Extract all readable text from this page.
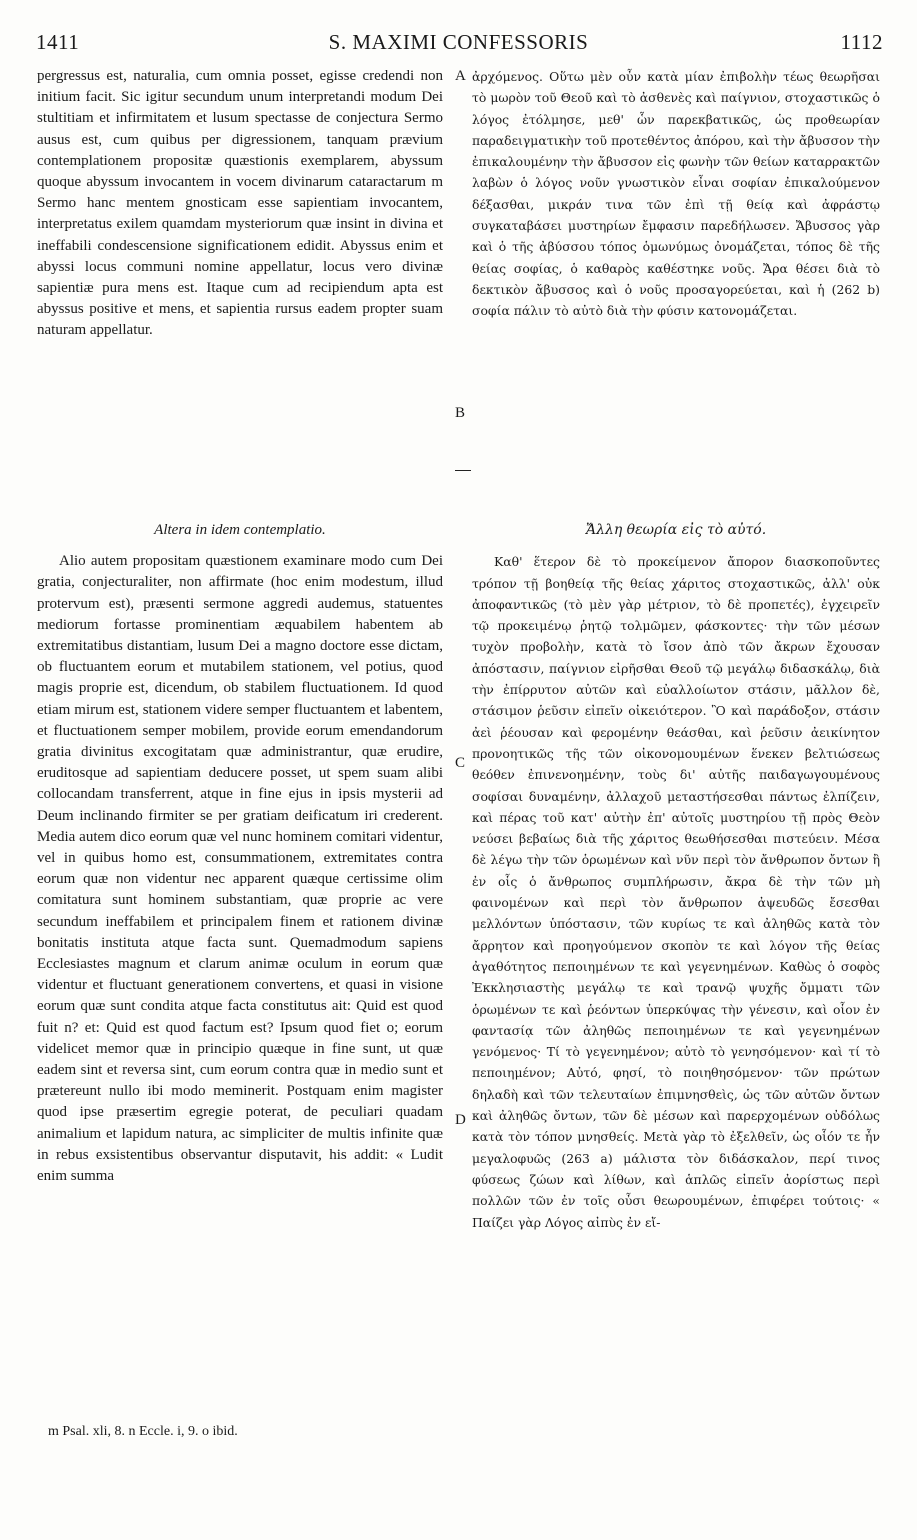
1411	S. MAXIMI CONFESSORIS	1112

pergressus est, naturalia, cum omnia posset, egisse credendi non initium facit. Sic igitur secundum unum interpretandi modum Dei stultitiam et infirmitatem et lusum spectasse de conjectura Sermo ausus est, cum quibus per digressionem, tanquam prævium contemplationem propositæ quæstionis exemplarem, abyssum quoque abyssum invocantem in vocem divinarum cataractarum m Sermo hanc mentem gnosticam esse sapientiam invocantem, interpretatus exilem quamdam mysteriorum quæ insint in divina et ineffabili condescensione significationem edidit. Abyssus enim et abyssi locus communi nomine appellatur, locus vero divinæ sapientiæ pura mens est. Itaque cum ad recipiendum apta est abyssus positive et mens, et sapientia rursus eadem propter suam naturam appellatur.

ἀρχόμενος. Οὕτω μὲν οὖν κατὰ μίαν ἐπιβολὴν τέως θεωρῆσαι τὸ μωρὸν τοῦ Θεοῦ καὶ τὸ ἀσθενὲς καὶ παίγνιον, στοχαστικῶς ὁ λόγος ἐτόλμησε, μεθ' ὧν παρεκβατικῶς, ὡς προθεωρίαν παραδειγματικὴν τοῦ προτεθέντος ἀπόρου, καὶ τὴν ἄβυσσον τὴν ἐπικαλουμένην τὴν ἄβυσσον εἰς φωνὴν τῶν θείων καταρρακτῶν λαβὼν ὁ λόγος νοῦν γνωστικὸν εἶναι σοφίαν ἐπικαλούμενον δέξασθαι, μικράν τινα τῶν ἐπὶ τῇ θείᾳ καὶ ἀφράστῳ συγκαταβάσει μυστηρίων ἔμφασιν παρεδήλωσεν. Ἄβυσσος γὰρ καὶ ὁ τῆς ἀβύσσου τόπος ὁμωνύμως ὀνομάζεται, τόπος δὲ τῆς θείας σοφίας, ὁ καθαρὸς καθέστηκε νοῦς. Ἄρα θέσει διὰ τὸ δεκτικὸν ἄβυσσος καὶ ὁ νοῦς προσαγορεύεται, καὶ ἡ (262 b) σοφία πάλιν τὸ αὐτὸ διὰ τὴν φύσιν κατονομάζεται.

A
B
C
D

Altera in idem contemplatio.

Alio autem propositam quæstionem examinare modo cum Dei gratia, conjecturaliter, non affirmate (hoc enim modestum, illud protervum est), præsenti sermone aggredi audemus, statuentes mediorum fortasse prominentiam æquabilem habentem ab extremitatibus distantiam, lusum Dei a magno doctore esse dictam, ob fluctuantem eorum et mutabilem stationem, vel potius, quod magis proprie est, dicendum, ob stabilem fluctuationem. Id quod etiam mirum est, stationem videre semper fluctuantem et labentem, et fluctuationem semper mobilem, provide eorum emendandorum gratia divinitus excogitatam quæ administrantur, quæ erudire, eruditosque ad sapientiam deducere posset, ut spem suam alibi collocandam transferrent, atque in fine ejus in ipsis mysterii ad Deum inclinando firmiter se per gratiam deificatum iri crederent. Media autem dico eorum quæ vel nunc hominem comitari videntur, vel in quibus homo est, consummationem, extremitates contra eorum quæ non videntur nec apparent quæque certissime olim comitatura sunt hominem substantiam, quæ proprie ac vere secundum ineffabilem et principalem finem et rationem divinæ bonitatis instituta atque facta sunt. Quemadmodum sapiens Ecclesiastes magnum et clarum animæ oculum in eorum quæ videntur et fluctuant generationem convertens, et quasi in visione eorum quæ sunt condita atque facta constitutus ait: Quid est quod fuit n? et: Quid est quod factum est? Ipsum quod fiet o; eorum videlicet memor quæ in principio quæque in fine sunt, ut quæ eadem sint et reversa sint, cum eorum contra quæ in medio sunt et prætereunt nullo ibi modo meminerit. Postquam enim magister quod ipse præsertim egregie poterat, de peculiari quadam animalium et lapidum natura, ac simpliciter de multis infinite quæ in rebus exsistentibus observantur disputavit, his addit: « Ludit enim summa

Ἄλλη θεωρία εἰς τὸ αὐτό.

Καθ' ἕτερον δὲ τὸ προκείμενον ἄπορον διασκοποῦντες τρόπον τῇ βοηθείᾳ τῆς θείας χάριτος στοχαστικῶς, ἀλλ' οὐκ ἀποφαντικῶς (τὸ μὲν γὰρ μέτριον, τὸ δὲ προπετές), ἐγχειρεῖν τῷ προκειμένῳ ῥητῷ τολμῶμεν, φάσκοντες· τὴν τῶν μέσων τυχὸν προβολὴν, κατὰ τὸ ἴσον ἀπὸ τῶν ἄκρων ἔχουσαν ἀπόστασιν, παίγνιον εἰρῆσθαι Θεοῦ τῷ μεγάλῳ διδασκάλῳ, διὰ τὴν ἐπίρρυτον αὐτῶν καὶ εὐαλλοίωτον στάσιν, μᾶλλον δὲ, στάσιμον ῥεῦσιν εἰπεῖν οἰκειότερον. Ὃ καὶ παράδοξον, στάσιν ἀεὶ ῥέουσαν καὶ φερομένην θεάσθαι, καὶ ῥεῦσιν ἀεικίνητον προνοητικῶς τῆς τῶν οἰκονομουμένων ἕνεκεν βελτιώσεως θεόθεν ἐπινενοημένην, τοὺς δι' αὐτῆς παιδαγωγουμένους σοφίσαι δυναμένην, ἀλλαχοῦ μεταστήσεσθαι πάντως ἐλπίζειν, καὶ πέρας τοῦ κατ' αὐτὴν ἐπ' αὐτοῖς μυστηρίου τῇ πρὸς Θεὸν νεύσει βεβαίως διὰ τῆς χάριτος θεωθήσεσθαι πιστεύειν. Μέσα δὲ λέγω τὴν τῶν ὁρωμένων καὶ νῦν περὶ τὸν ἄνθρωπον ὄντων ἢ ἐν οἷς ὁ ἄνθρωπος συμπλήρωσιν, ἄκρα δὲ τὴν τῶν μὴ φαινομένων καὶ περὶ τὸν ἄνθρωπον ἀψευδῶς ἔσεσθαι μελλόντων ὑπόστασιν, τῶν κυρίως τε καὶ ἀληθῶς κατὰ τὸν ἄρρητον καὶ προηγούμενον σκοπὸν τε καὶ λόγον τῆς θείας ἀγαθότητος πεποιημένων τε καὶ γεγενημένων. Καθὼς ὁ σοφὸς Ἐκκλησιαστὴς μεγάλῳ τε καὶ τρανῷ ψυχῆς ὄμματι τῶν ὁρωμένων τε καὶ ῥεόντων ὑπερκύψας τὴν γένεσιν, καὶ οἷον ἐν φαντασίᾳ τῶν ἀληθῶς πεποιημένων τε καὶ γεγενημένων γενόμενος· Τί τὸ γεγενημένον; αὐτὸ τὸ γενησόμενον· καὶ τί τὸ πεποιημένον; Αὐτό, φησί, τὸ ποιηθησόμενον· τῶν πρώτων δηλαδὴ καὶ τῶν τελευταίων ἐπιμνησθεὶς, ὡς τῶν αὐτῶν ὄντων καὶ ἀληθῶς ὄντων, τῶν δὲ μέσων καὶ παρερχομένων οὐδόλως κατὰ τὸν τόπον μνησθείς. Μετὰ γὰρ τὸ ἐξελθεῖν, ὡς οἷόν τε ἦν μεγαλοφυῶς (263 a) μάλιστα τὸν διδάσκαλον, περί τινος φύσεως ζώων καὶ λίθων, καὶ ἁπλῶς εἰπεῖν ἀορίστως περὶ πολλῶν τῶν ἐν τοῖς οὖσι θεωρουμένων, ἐπιφέρει τούτοις· « Παίζει γὰρ Λόγος αἰπὺς ἐν εἴ-

m Psal. xli, 8. n Eccle. i, 9. o ibid.
